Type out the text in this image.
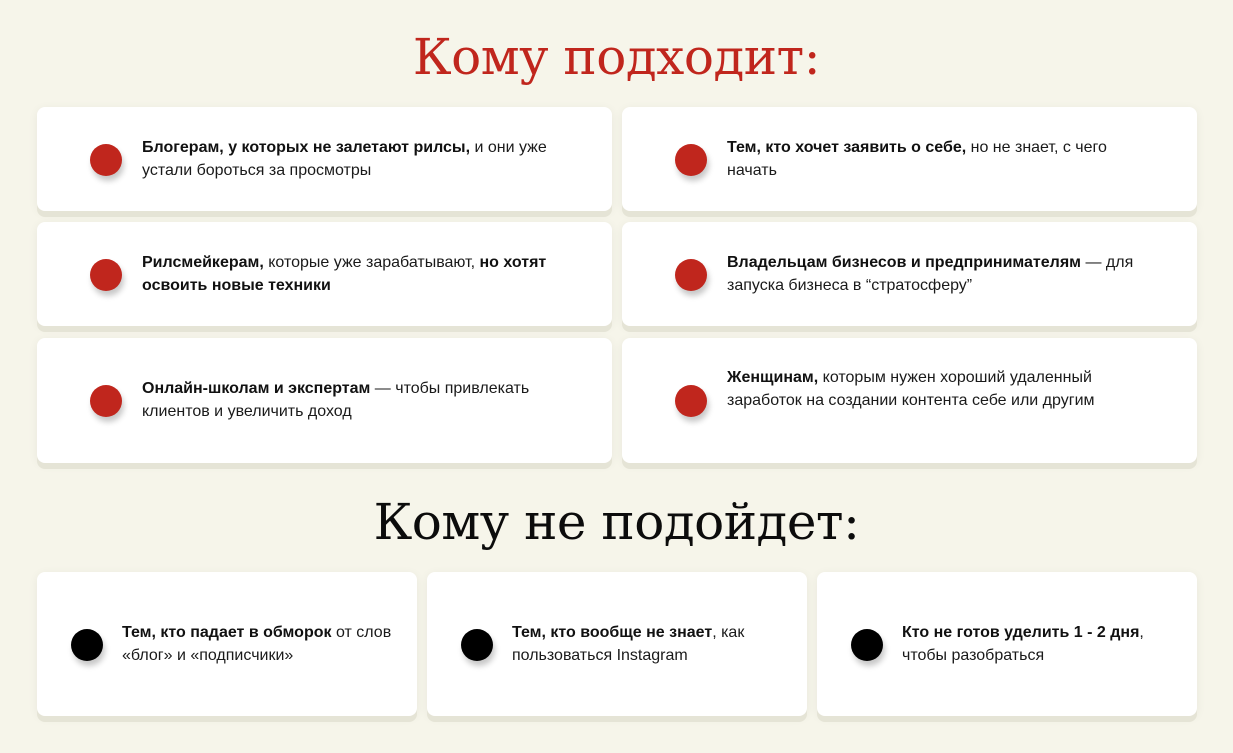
Кому подходит:
Блогерам, у которых не залетают рилсы, и они уже устали бороться за просмотры
Тем, кто хочет заявить о себе, но не знает, с чего начать
Рилсмейкерам, которые уже зарабатывают, но хотят освоить новые техники
Владельцам бизнесов и предпринимателям — для запуска бизнеса в “стратосферу”
Онлайн-школам и экспертам — чтобы привлекать клиентов и увеличить доход
Женщинам, которым нужен хороший удаленный заработок на создании контента себе или другим
Кому не подойдет:
Тем, кто падает в обморок от слов «блог» и «подписчики»
Тем, кто вообще не знает, как пользоваться Instagram
Кто не готов уделить 1 - 2 дня, чтобы разобраться
